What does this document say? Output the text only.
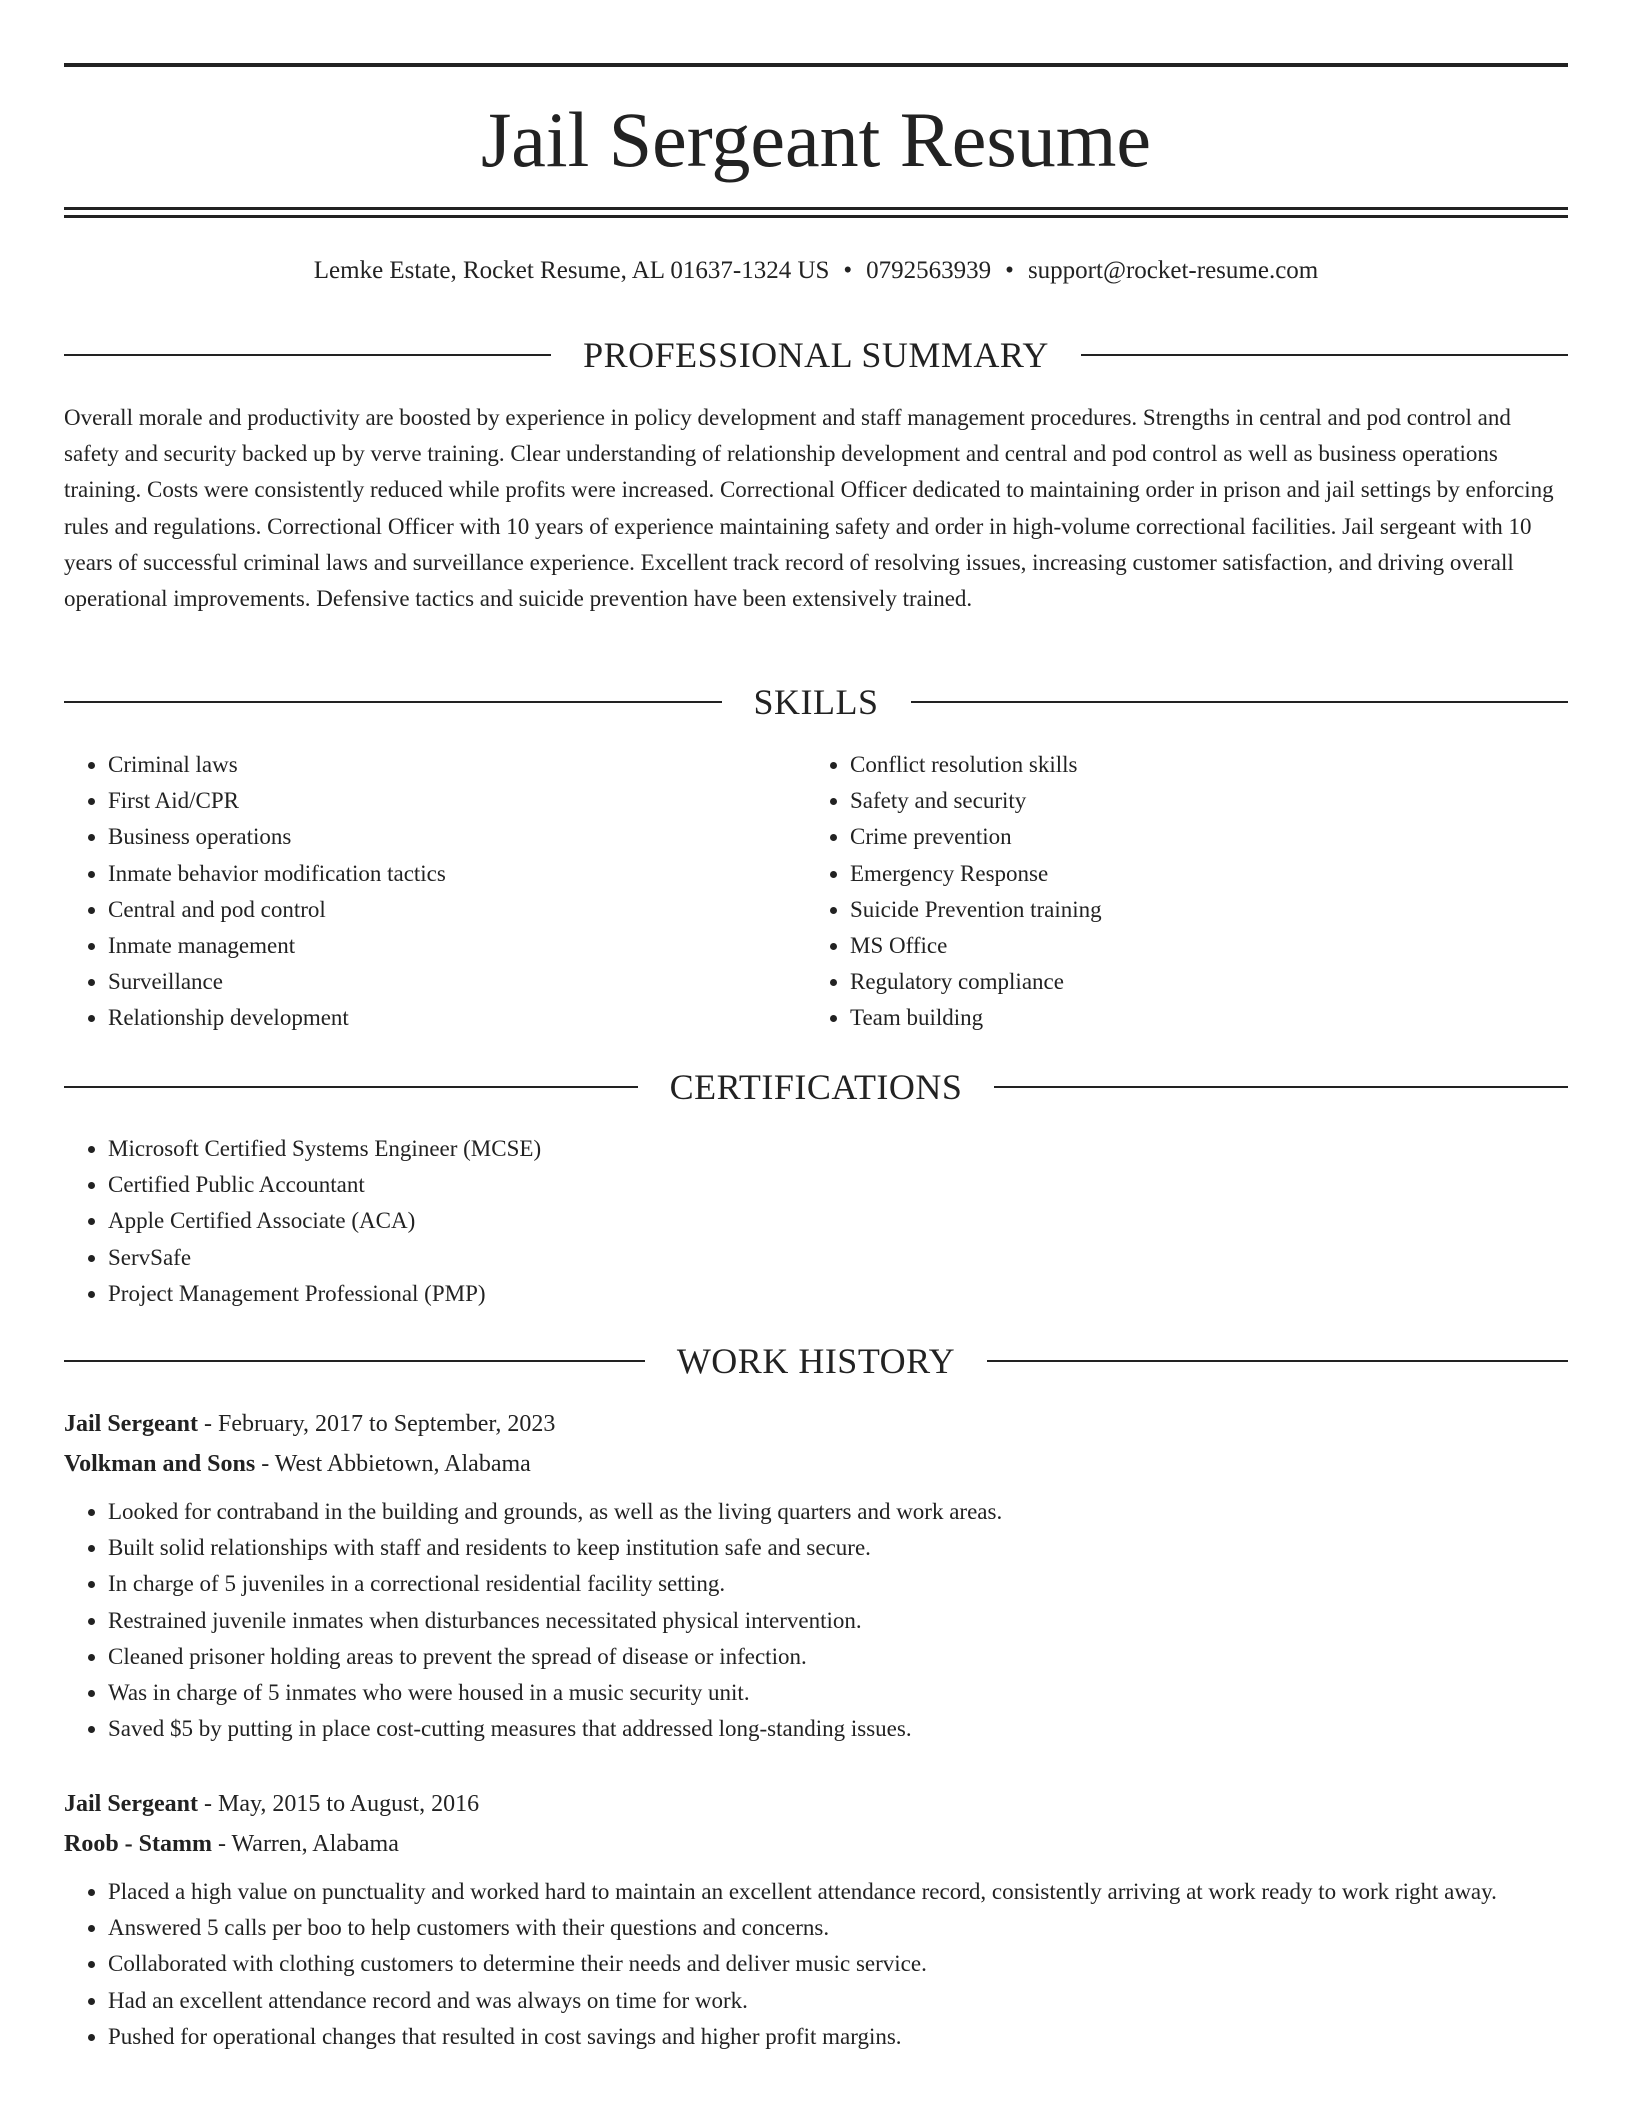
Jail Sergeant Resume
Lemke Estate, Rocket Resume, AL 01637-1324 US • 0792563939 • support@rocket-resume.com
PROFESSIONAL SUMMARY

Overall morale and productivity are boosted by experience in policy development and staff management procedures. Strengths in central and pod control and safety and security backed up by verve training. Clear understanding of relationship development and central and pod control as well as business operations training. Costs were consistently reduced while profits were increased. Correctional Officer dedicated to maintaining order in prison and jail settings by enforcing rules and regulations. Correctional Officer with 10 years of experience maintaining safety and order in high-volume correctional facilities. Jail sergeant with 10 years of successful criminal laws and surveillance experience. Excellent track record of resolving issues, increasing customer satisfaction, and driving overall operational improvements. Defensive tactics and suicide prevention have been extensively trained.

SKILLS
• Criminal laws
• First Aid/CPR
• Business operations
• Inmate behavior modification tactics
• Central and pod control
• Inmate management
• Surveillance
• Relationship development
• Conflict resolution skills
• Safety and security
• Crime prevention
• Emergency Response
• Suicide Prevention training
• MS Office
• Regulatory compliance
• Team building
CERTIFICATIONS
• Microsoft Certified Systems Engineer (MCSE)
• Certified Public Accountant
• Apple Certified Associate (ACA)
• ServSafe
• Project Management Professional (PMP)
WORK HISTORY
Jail Sergeant - February, 2017 to September, 2023
Volkman and Sons - West Abbietown, Alabama
• Looked for contraband in the building and grounds, as well as the living quarters and work areas.
• Built solid relationships with staff and residents to keep institution safe and secure.
• In charge of 5 juveniles in a correctional residential facility setting.
• Restrained juvenile inmates when disturbances necessitated physical intervention.
• Cleaned prisoner holding areas to prevent the spread of disease or infection.
• Was in charge of 5 inmates who were housed in a music security unit.
• Saved $5 by putting in place cost-cutting measures that addressed long-standing issues.
Jail Sergeant - May, 2015 to August, 2016
Roob - Stamm - Warren, Alabama
• Placed a high value on punctuality and worked hard to maintain an excellent attendance record, consistently arriving at work ready to work right away.
• Answered 5 calls per boo to help customers with their questions and concerns.
• Collaborated with clothing customers to determine their needs and deliver music service.
• Had an excellent attendance record and was always on time for work.
• Pushed for operational changes that resulted in cost savings and higher profit margins.
